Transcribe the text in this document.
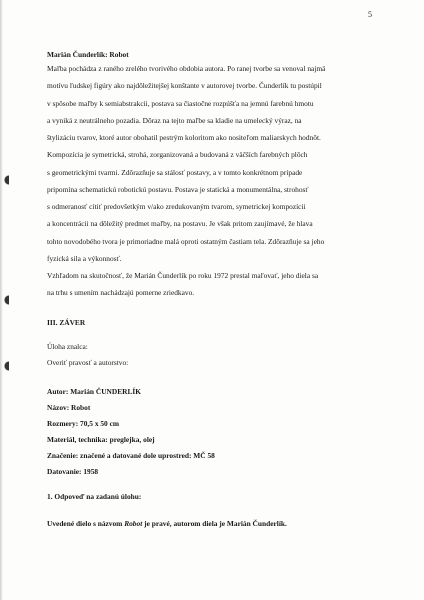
5
Marián Čunderlík: Robot
Maľba pochádza z raného zrelého tvorivého obdobia autora. Po ranej tvorbe sa venoval najmä
motívu ľudskej figúry ako najdôležitejšej konštante v autorovej tvorbe. Čunderlík tu postúpil
v spôsobe maľby k semiabstrakcii, postava sa čiastočne rozpúšťa na jemnú farebnú hmotu
a vyniká z neutrálneho pozadia. Dôraz na tejto maľbe sa kladie na umelecký výraz, na
štylizáciu tvarov, ktoré autor obohatil pestrým koloritom ako nositeľom maliarskych hodnôt.
Kompozícia je symetrická, strohá, zorganizovaná a budovaná z väčších farebných plôch
s geometrickými tvarmi. Zdôrazňuje sa stálosť postavy, a v tomto konkrétnom prípade
pripomína schematickú robotickú postavu. Postava je statická a monumentálna, strohosť
s odmeranosť cítiť predovšetkým v/ako zredukovaným tvarom, symetrickej kompozícii
a koncentrácii na dôležitý predmet maľby, na postavu. Je však pritom zaujímavé, že hlava
tohto novodobého tvora je primoriadne malá oproti ostatným častiam tela. Zdôrazňuje sa jeho
fyzická sila a výkonnosť.
Vzhľadom na skutočnosť, že Marián Čunderlík po roku 1972 prestal maľovať, jeho diela sa
na trhu s umením nachádzajú pomerne zriedkavo.
III. ZÁVER
Úloha znalca:
Overiť pravosť a autorstvo:
Autor: Marián ČUNDERLÍK
Názov: Robot
Rozmery: 70,5 x 50 cm
Materiál, technika: preglejka, olej
Značenie: značené a datované dole uprostred: MČ 58
Datovanie: 1958
1. Odpoveď na zadanú úlohu:
Uvedené dielo s názvom Robot je pravé, autorom diela je Marián Čunderlík.
